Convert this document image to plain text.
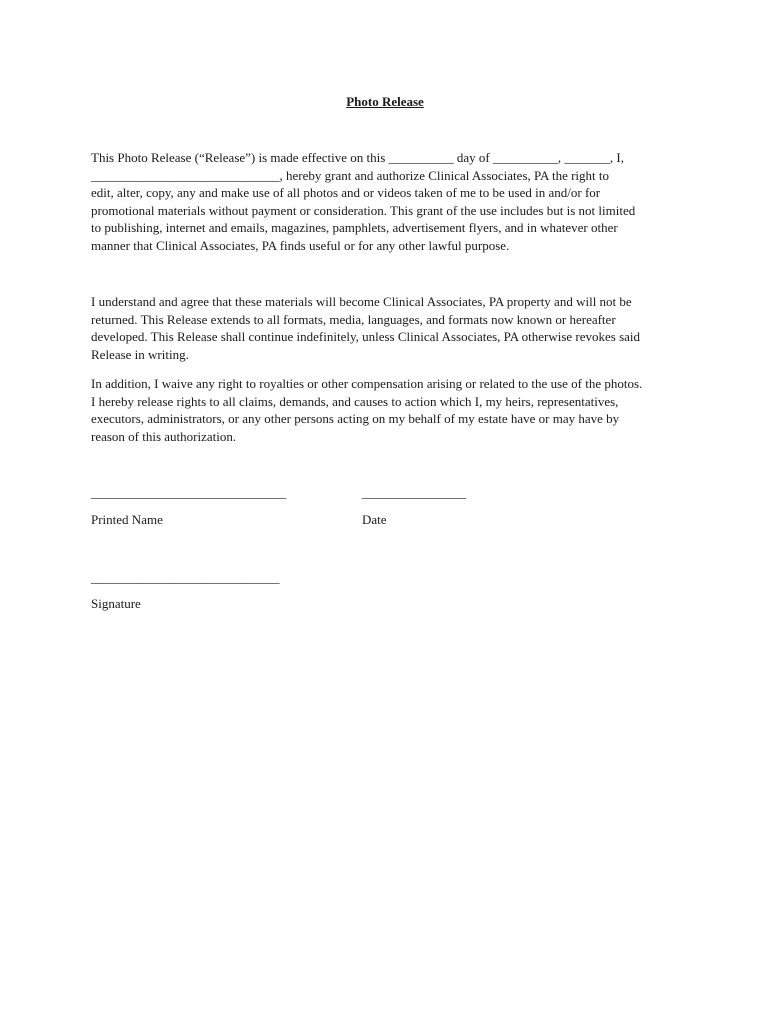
Photo Release

This Photo Release (“Release”) is made effective on this __________ day of __________, _______, I,
_____________________________, hereby grant and authorize Clinical Associates, PA the right to
edit, alter, copy, any and make use of all photos and or videos taken of me to be used in and/or for
promotional materials without payment or consideration. This grant of the use includes but is not limited
to publishing, internet and emails, magazines, pamphlets, advertisement flyers, and in whatever other
manner that Clinical Associates, PA finds useful or for any other lawful purpose.

I understand and agree that these materials will become Clinical Associates, PA property and will not be
returned. This Release extends to all formats, media, languages, and formats now known or hereafter
developed. This Release shall continue indefinitely, unless Clinical Associates, PA otherwise revokes said
Release in writing.

In addition, I waive any right to royalties or other compensation arising or related to the use of the photos.
I hereby release rights to all claims, demands, and causes to action which I, my heirs, representatives,
executors, administrators, or any other persons acting on my behalf of my estate have or may have by
reason of this authorization.

______________________________	________________
Printed Name	Date
_____________________________
Signature
